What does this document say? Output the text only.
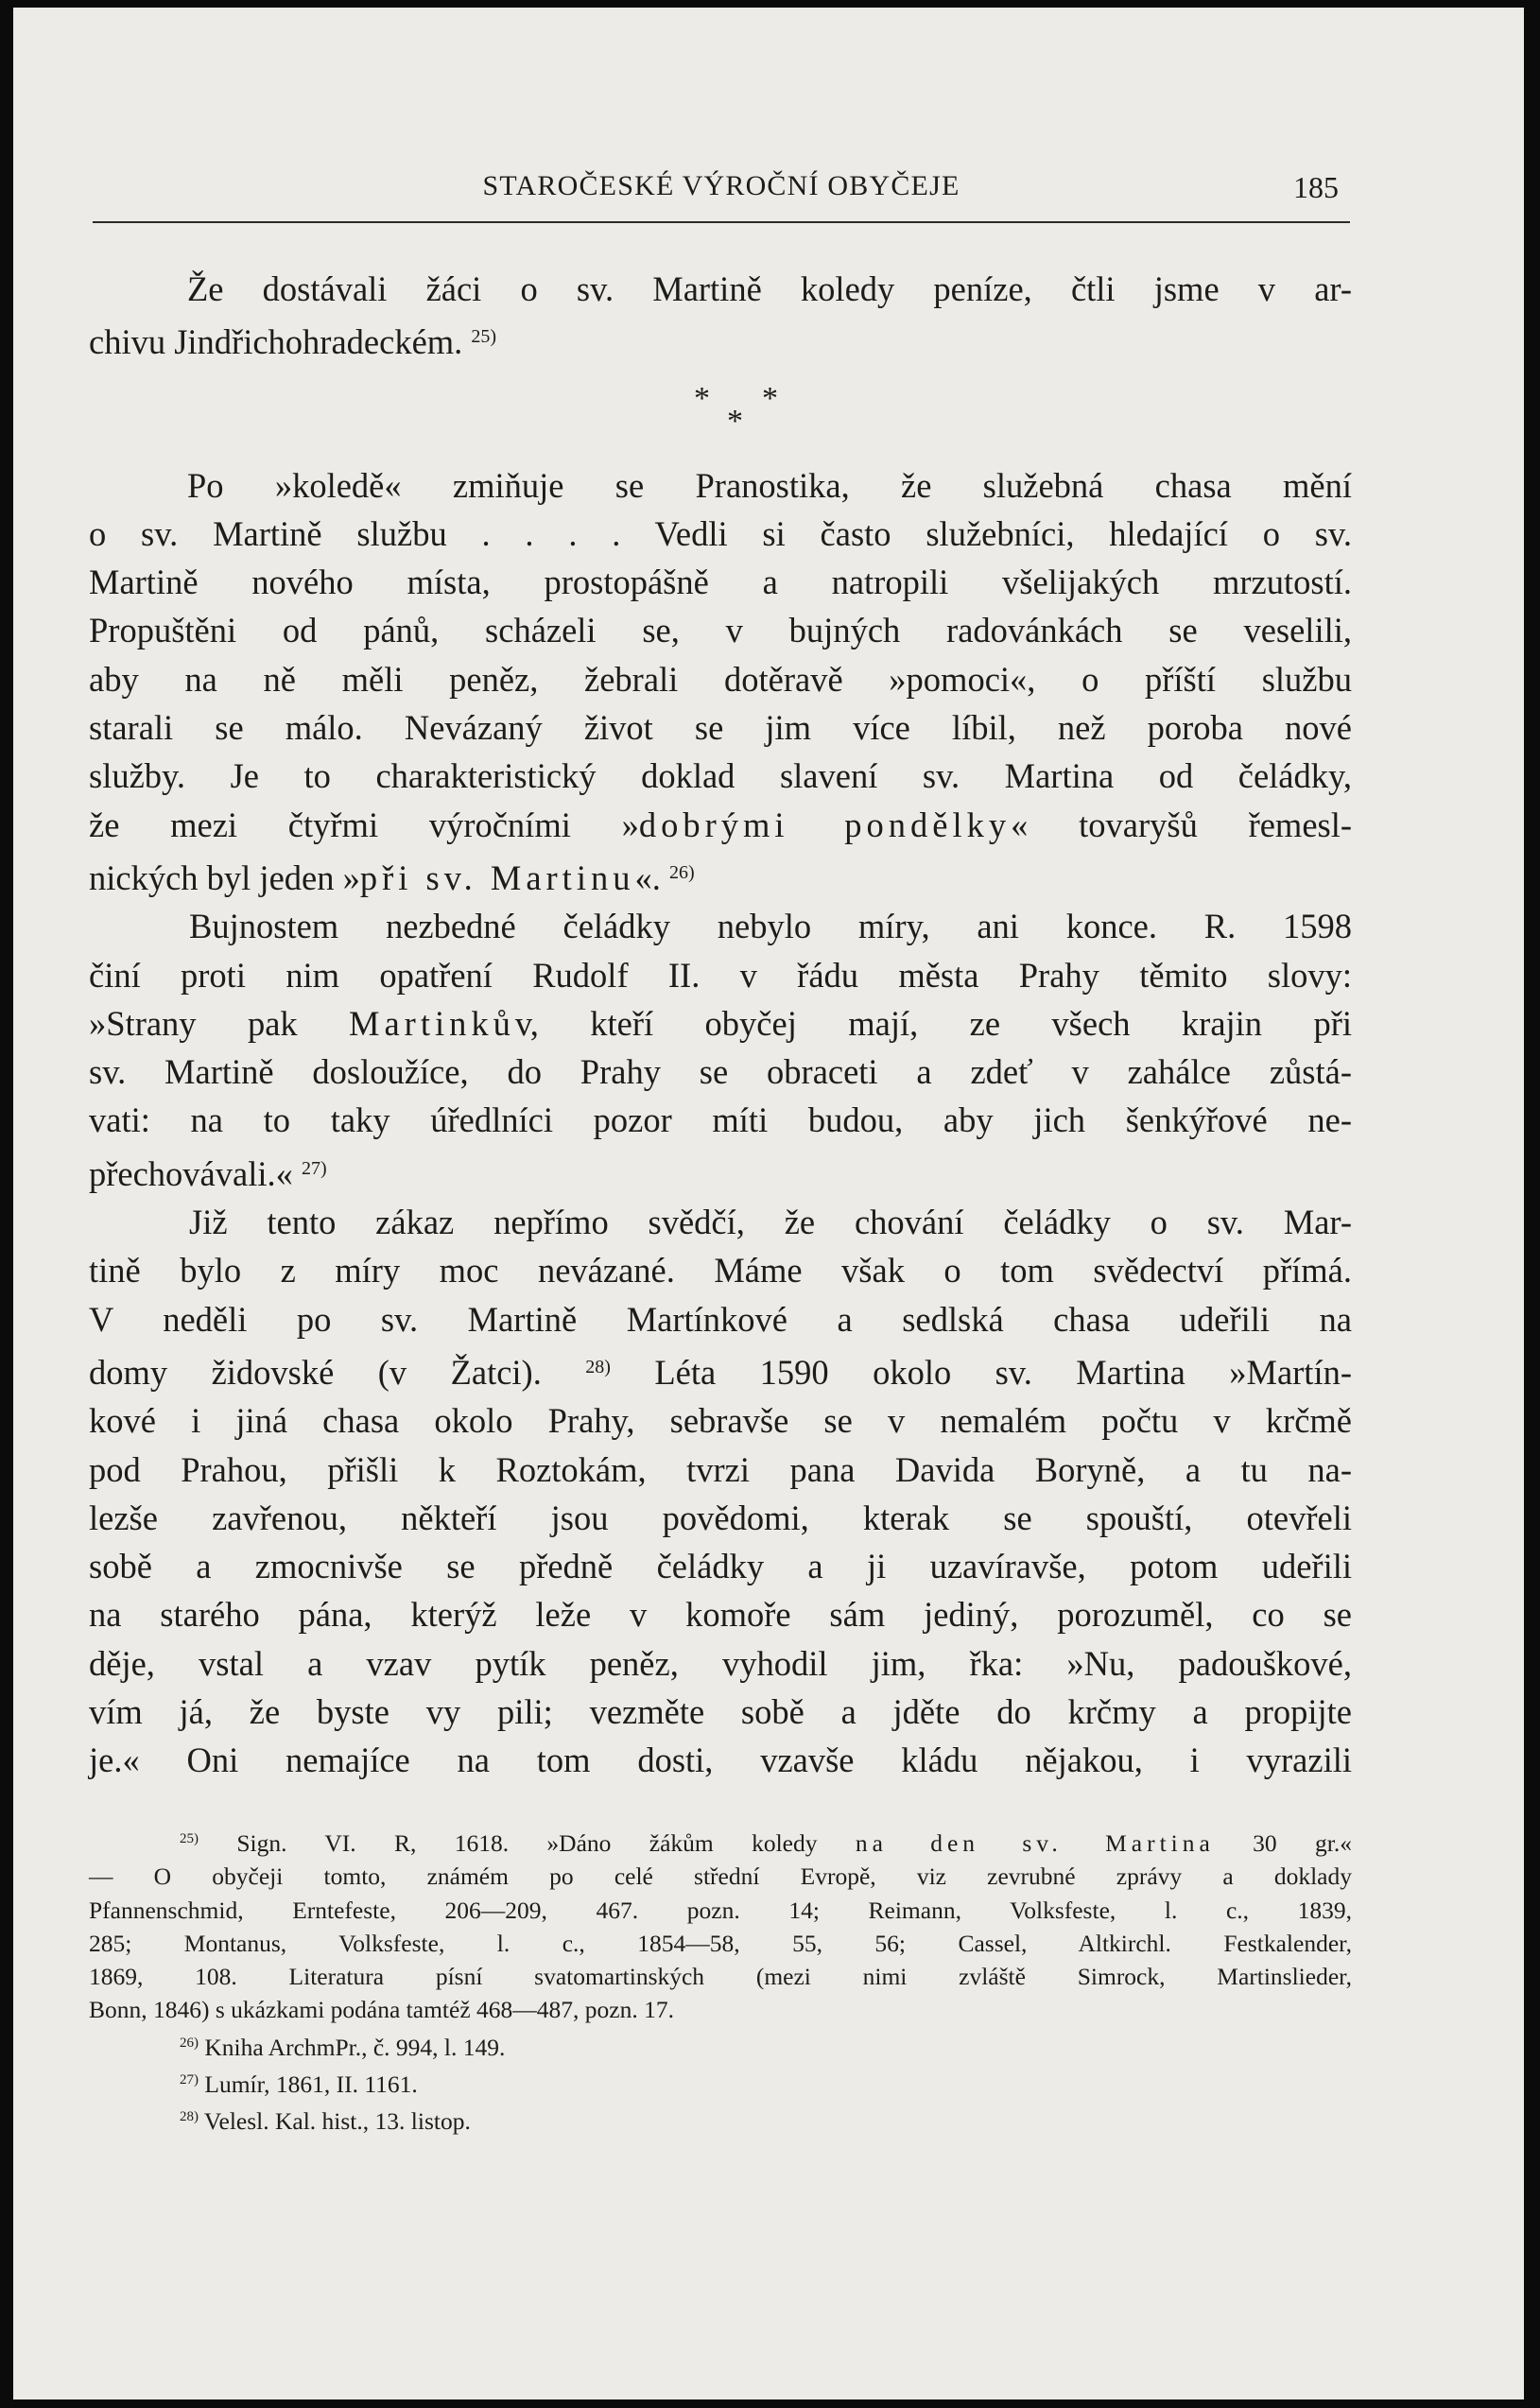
STAROČESKÉ VÝROČNÍ OBYČEJE	185
Že dostávali žáci o sv. Martině koledy peníze, čtli jsme v ar-
chivu Jindřichohradeckém. $^{25)}$
* *
*
Po »koledě« zmiňuje se Pranostika, že služebná chasa mění
o sv. Martině službu . . . . Vedli si často služebníci, hledající o sv.
Martině nového místa, prostopášně a natropili všelijakých mrzutostí.
Propuštěni od pánů, scházeli se, v bujných radovánkách se veselili,
aby na ně měli peněz, žebrali dotěravě »pomoci«, o příští službu
starali se málo. Nevázaný život se jim více líbil, než poroba nové
služby. Je to charakteristický doklad slavení sv. Martina od čeládky,
že mezi čtyřmi výročními »dobrými pondělky« tovaryšů řemesl-
nických byl jeden »při sv. Martinu«. $^{26)}$
Bujnostem nezbedné čeládky nebylo míry, ani konce. R. 1598
činí proti nim opatření Rudolf II. v řádu města Prahy těmito slovy:
»Strany pak Martinkův, kteří obyčej mají, ze všech krajin při
sv. Martině dosloužíce, do Prahy se obraceti a zdeť v zahálce zůstá-
vati: na to taky úředlníci pozor míti budou, aby jich šenkýřové ne-
přechovávali.« $^{27)}$
Již tento zákaz nepřímo svědčí, že chování čeládky o sv. Mar-
tině bylo z míry moc nevázané. Máme však o tom svědectví přímá.
V neděli po sv. Martině Martínkové a sedlská chasa udeřili na
domy židovské (v Žatci). $^{28)}$ Léta 1590 okolo sv. Martina »Martín-
kové i jiná chasa okolo Prahy, sebravše se v nemalém počtu v krčmě
pod Prahou, přišli k Roztokám, tvrzi pana Davida Boryně, a tu na-
lezše zavřenou, někteří jsou povědomi, kterak se spouští, otevřeli
sobě a zmocnivše se předně čeládky a ji uzavíravše, potom udeřili
na starého pána, kterýž leže v komoře sám jediný, porozuměl, co se
děje, vstal a vzav pytík peněz, vyhodil jim, řka: »Nu, padouškové,
vím já, že byste vy pili; vezměte sobě a jděte do krčmy a propijte
je.« Oni nemajíce na tom dosti, vzavše kládu nějakou, i vyrazili
$^{25)}$ Sign. VI. R, 1618. »Dáno žákům koledy na den sv. Martina 30 gr.«
— O obyčeji tomto, známém po celé střední Evropě, viz zevrubné zprávy a doklady
Pfannenschmid, Erntefeste, 206—209, 467. pozn. 14; Reimann, Volksfeste, l. c., 1839,
285; Montanus, Volksfeste, l. c., 1854—58, 55, 56; Cassel, Altkirchl. Festkalender,
1869, 108. Literatura písní svatomartinských (mezi nimi zvláště Simrock, Martinslieder,
Bonn, 1846) s ukázkami podána tamtéž 468—487, pozn. 17.
$^{26)}$ Kniha ArchmPr., č. 994, l. 149.
$^{27)}$ Lumír, 1861, II. 1161.
$^{28)}$ Velesl. Kal. hist., 13. listop.
